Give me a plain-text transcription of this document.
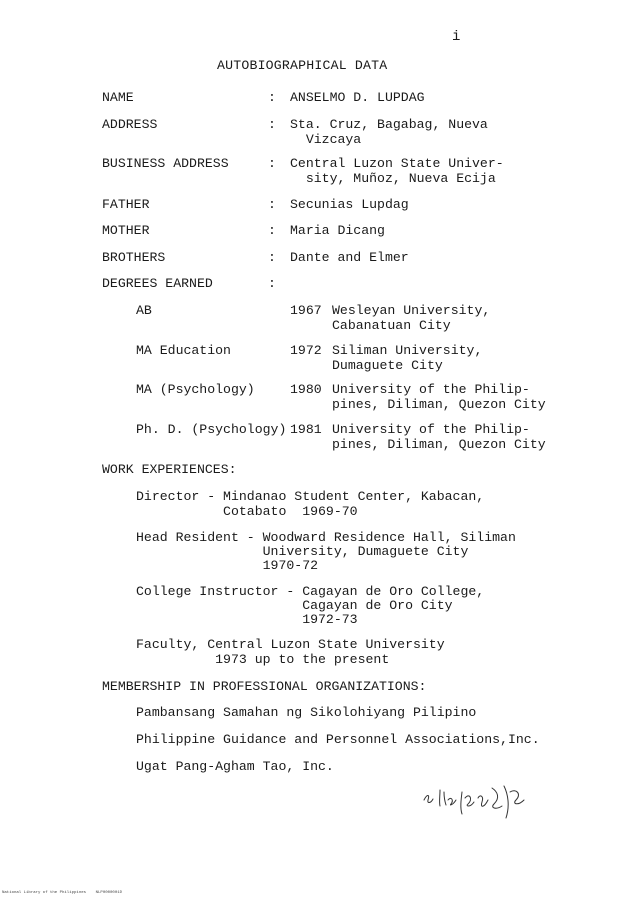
i
AUTOBIOGRAPHICAL DATA
NAME	: ANSELMO D. LUPDAG
ADDRESS	: Sta. Cruz, Bagabag, Nueva
Vizcaya
BUSINESS ADDRESS	: Central Luzon State Univer-
sity, Muñoz, Nueva Ecija
FATHER	: Secunias Lupdag
MOTHER	: Maria Dicang
BROTHERS	: Dante and Elmer
DEGREES EARNED	:
AB	1967 Wesleyan University,
Cabanatuan City
MA Education	1972 Siliman University,
Dumaguete City
MA (Psychology)	1980 University of the Philip-
pines, Diliman, Quezon City
Ph. D. (Psychology) 1981 University of the Philip-
pines, Diliman, Quezon City
WORK EXPERIENCES:
Director - Mindanao Student Center, Kabacan,
Cotabato  1969-70
Head Resident - Woodward Residence Hall, Siliman
University, Dumaguete City
1970-72
College Instructor - Cagayan de Oro College,
Cagayan de Oro City
1972-73
Faculty, Central Luzon State University
1973 up to the present
MEMBERSHIP IN PROFESSIONAL ORGANIZATIONS:
Pambansang Samahan ng Sikolohiyang Pilipino
Philippine Guidance and Personnel Associations,Inc.
Ugat Pang-Agham Tao, Inc.
National Library of the Philippines    NLP0000001D
